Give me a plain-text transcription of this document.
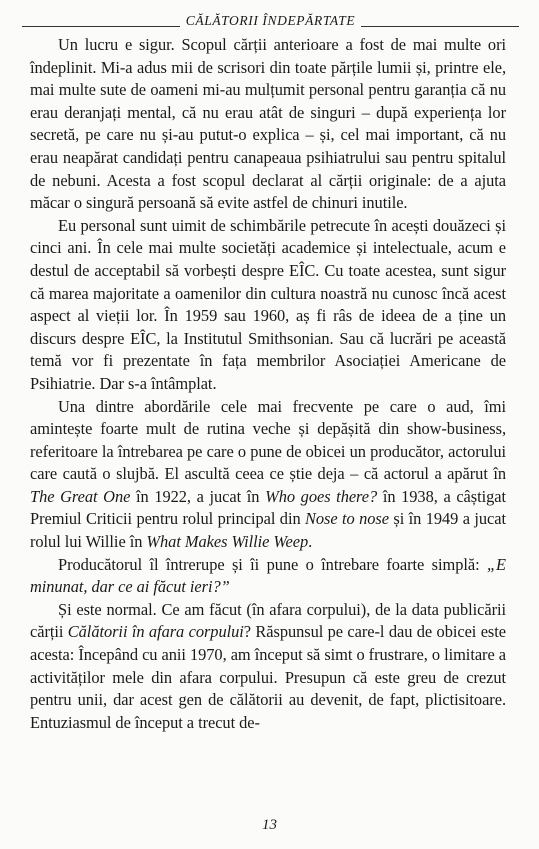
CĂLĂTORII ÎNDEPĂRTATE

Un lucru e sigur. Scopul cărții anterioare a fost de mai multe ori îndeplinit. Mi-a adus mii de scrisori din toate părțile lumii și, printre ele, mai multe sute de oameni mi-au mulțumit personal pentru garanția că nu erau deranjați mental, că nu erau atât de singuri – după experiența lor secretă, pe care nu și-au putut-o explica – și, cel mai important, că nu erau neapărat candidați pentru canapeaua psihiatrului sau pentru spitalul de nebuni. Acesta a fost scopul declarat al cărții originale: de a ajuta măcar o singură persoană să evite astfel de chinuri inutile.

Eu personal sunt uimit de schimbările petrecute în acești douăzeci și cinci ani. În cele mai multe societăți academice și intelectuale, acum e destul de acceptabil să vorbești despre EÎC. Cu toate acestea, sunt sigur că marea majoritate a oamenilor din cultura noastră nu cunosc încă acest aspect al vieții lor. În 1959 sau 1960, aș fi râs de ideea de a ține un discurs despre EÎC, la Institutul Smithsonian. Sau că lucrări pe această temă vor fi prezentate în fața membrilor Asociației Americane de Psihiatrie. Dar s-a întâmplat.

Una dintre abordările cele mai frecvente pe care o aud, îmi amintește foarte mult de rutina veche și depășită din show-business, referitoare la întrebarea pe care o pune de obicei un producător, actorului care caută o slujbă. El ascultă ceea ce știe deja – că actorul a apărut în The Great One în 1922, a jucat în Who goes there? în 1938, a câștigat Premiul Criticii pentru rolul principal din Nose to nose și în 1949 a jucat rolul lui Willie în What Makes Willie Weep.

Producătorul îl întrerupe și îi pune o întrebare foarte simplă: „E minunat, dar ce ai făcut ieri?”

Și este normal. Ce am făcut (în afara corpului), de la data publicării cărții Călătorii în afara corpului? Răspunsul pe care-l dau de obicei este acesta: Începând cu anii 1970, am început să simt o frustrare, o limitare a activităților mele din afara corpului. Presupun că este greu de crezut pentru unii, dar acest gen de călătorii au devenit, de fapt, plictisitoare. Entuziasmul de început a trecut de-

13
